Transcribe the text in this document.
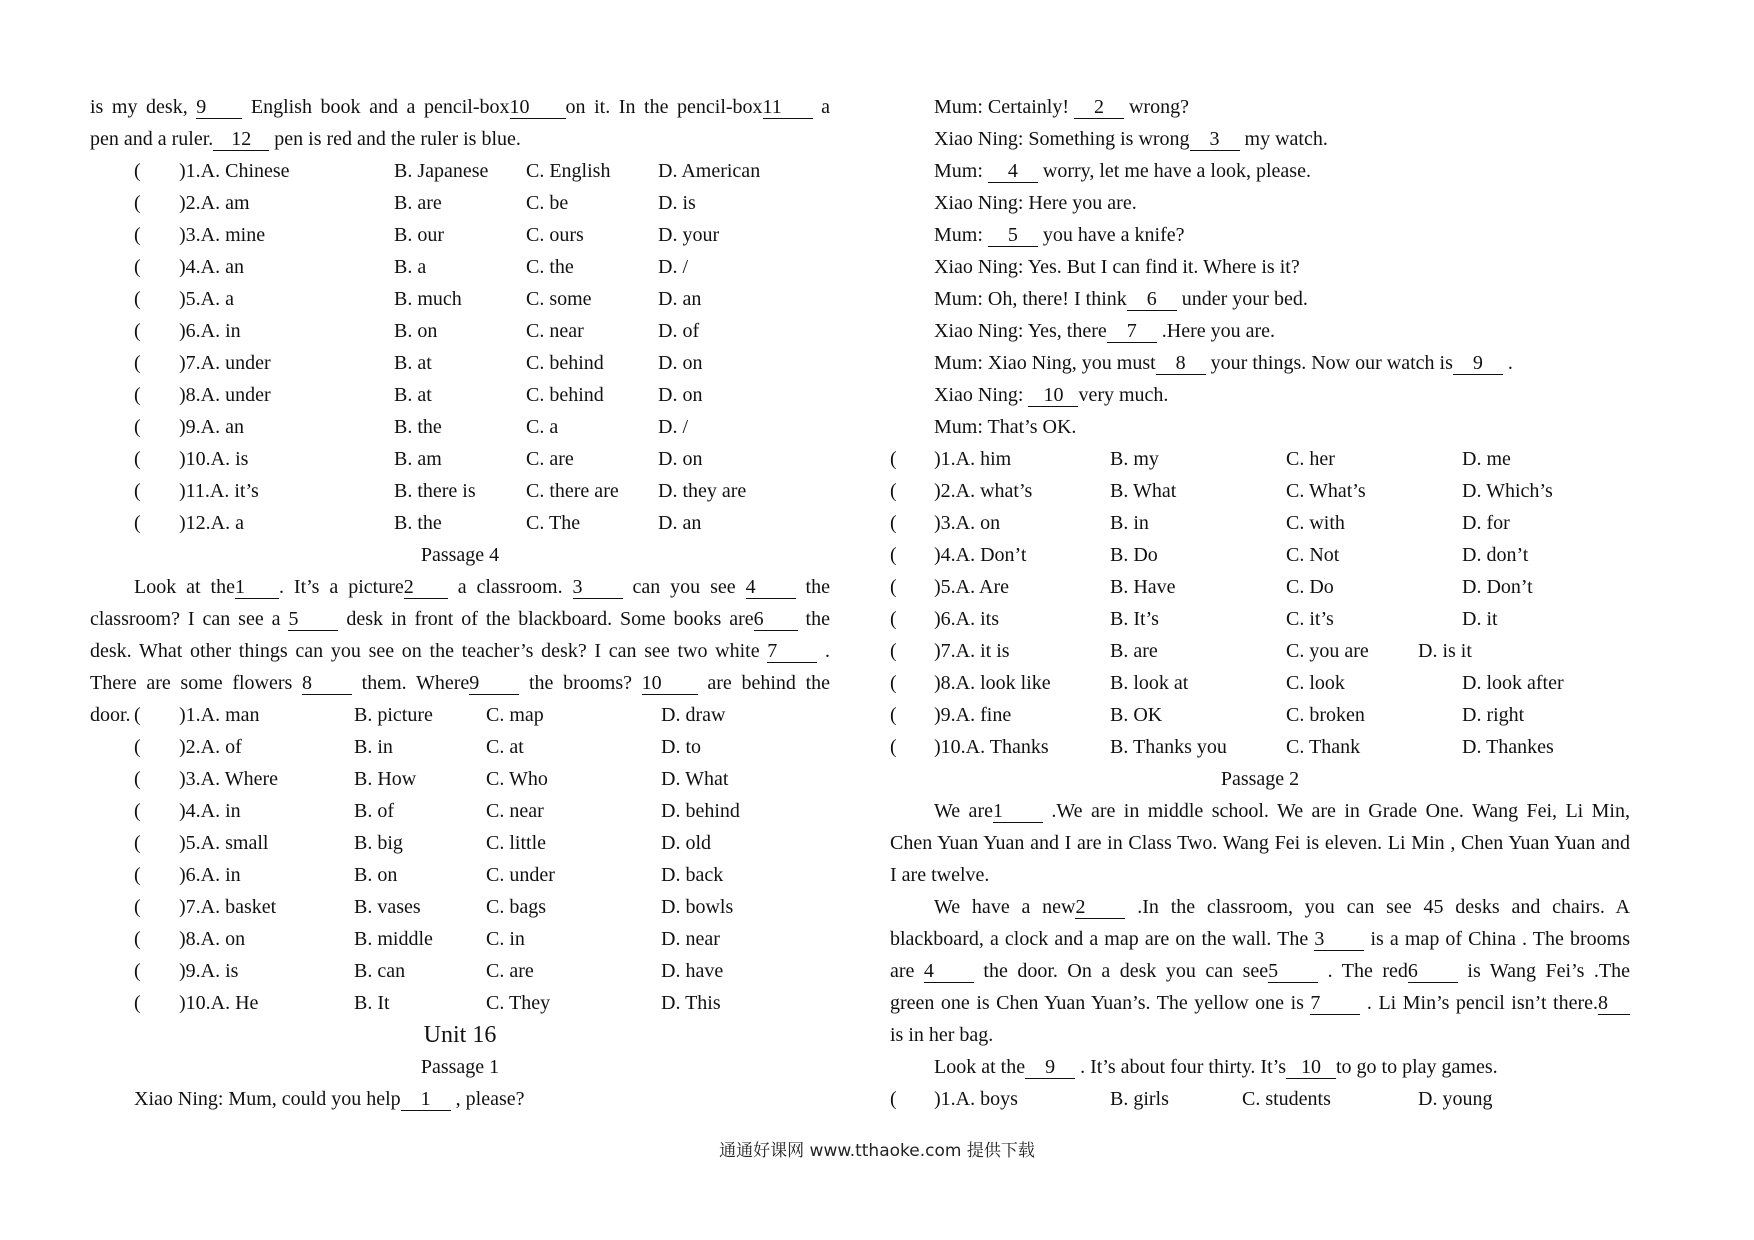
is my desk, 9 English book and a pencil-box10 on it. In the pencil-box11 a
pen and a ruler. 12 pen is red and the ruler is blue.
(	)1.A. Chinese	B. Japanese	C. English	D. American
(	)2.A. am	B. are	C. be	D. is
(	)3.A. mine	B. our	C. ours	D. your
(	)4.A. an	B. a	C. the	D. /
(	)5.A. a	B. much	C. some	D. an
(	)6.A. in	B. on	C. near	D. of
(	)7.A. under	B. at	C. behind	D. on
(	)8.A. under	B. at	C. behind	D. on
(	)9.A. an	B. the	C. a	D. /
(	)10.A. is	B. am	C. are	D. on
(	)11.A. it’s	B. there is	C. there are	D. they are
(	)12.A. a	B. the	C. The	D. an
Passage 4
Look at the1 . It’s a picture2 a classroom. 3 can you see 4 the
classroom? I can see a 5 desk in front of the blackboard. Some books are6 the
desk. What other things can you see on the teacher’s desk? I can see two white 7 .
There are some flowers 8 them. Where9 the brooms? 10 are behind the
door. (	)1.A. man	B. picture	C. map	D. draw
(	)2.A. of	B. in	C. at	D. to
(	)3.A. Where	B. How	C. Who	D. What
(	)4.A. in	B. of	C. near	D. behind
(	)5.A. small	B. big	C. little	D. old
(	)6.A. in	B. on	C. under	D. back
(	)7.A. basket	B. vases	C. bags	D. bowls
(	)8.A. on	B. middle	C. in	D. near
(	)9.A. is	B. can	C. are	D. have
(	)10.A. He	B. It	C. They	D. This
Unit 16
Passage 1
Xiao Ning: Mum, could you help 1 , please?
Mum: Certainly! 2 wrong?
Xiao Ning: Something is wrong 3 my watch.
Mum: 4 worry, let me have a look, please.
Xiao Ning: Here you are.
Mum: 5 you have a knife?
Xiao Ning: Yes. But I can find it. Where is it?
Mum: Oh, there! I think 6 under your bed.
Xiao Ning: Yes, there 7 .Here you are.
Mum: Xiao Ning, you must 8 your things. Now our watch is 9 .
Xiao Ning: 10 very much.
Mum: That’s OK.
(	)1.A. him	B. my	C. her	D. me
(	)2.A. what’s	B. What	C. What’s	D. Which’s
(	)3.A. on	B. in	C. with	D. for
(	)4.A. Don’t	B. Do	C. Not	D. don’t
(	)5.A. Are	B. Have	C. Do	D. Don’t
(	)6.A. its	B. It’s	C. it’s	D. it
(	)7.A. it is	B. are	C. you are	D. is it
(	)8.A. look like	B. look at	C. look	D. look after
(	)9.A. fine	B. OK	C. broken	D. right
(	)10.A. Thanks	B. Thanks you	C. Thank	D. Thankes
Passage 2
We are1 .We are in middle school. We are in Grade One. Wang Fei, Li Min,
Chen Yuan Yuan and I are in Class Two. Wang Fei is eleven. Li Min , Chen Yuan Yuan and
I are twelve.
We have a new2 .In the classroom, you can see 45 desks and chairs. A
blackboard, a clock and a map are on the wall. The 3 is a map of China . The brooms
are 4 the door. On a desk you can see5 . The red6 is Wang Fei’s .The
green one is Chen Yuan Yuan’s. The yellow one is 7 . Li Min’s pencil isn’t there.8
is in her bag.
Look at the 9 . It’s about four thirty. It’s 10 to go to play games.
(	)1.A. boys	B. girls	C. students	D. young
通通好课网 www.tthaoke.com 提供下载
